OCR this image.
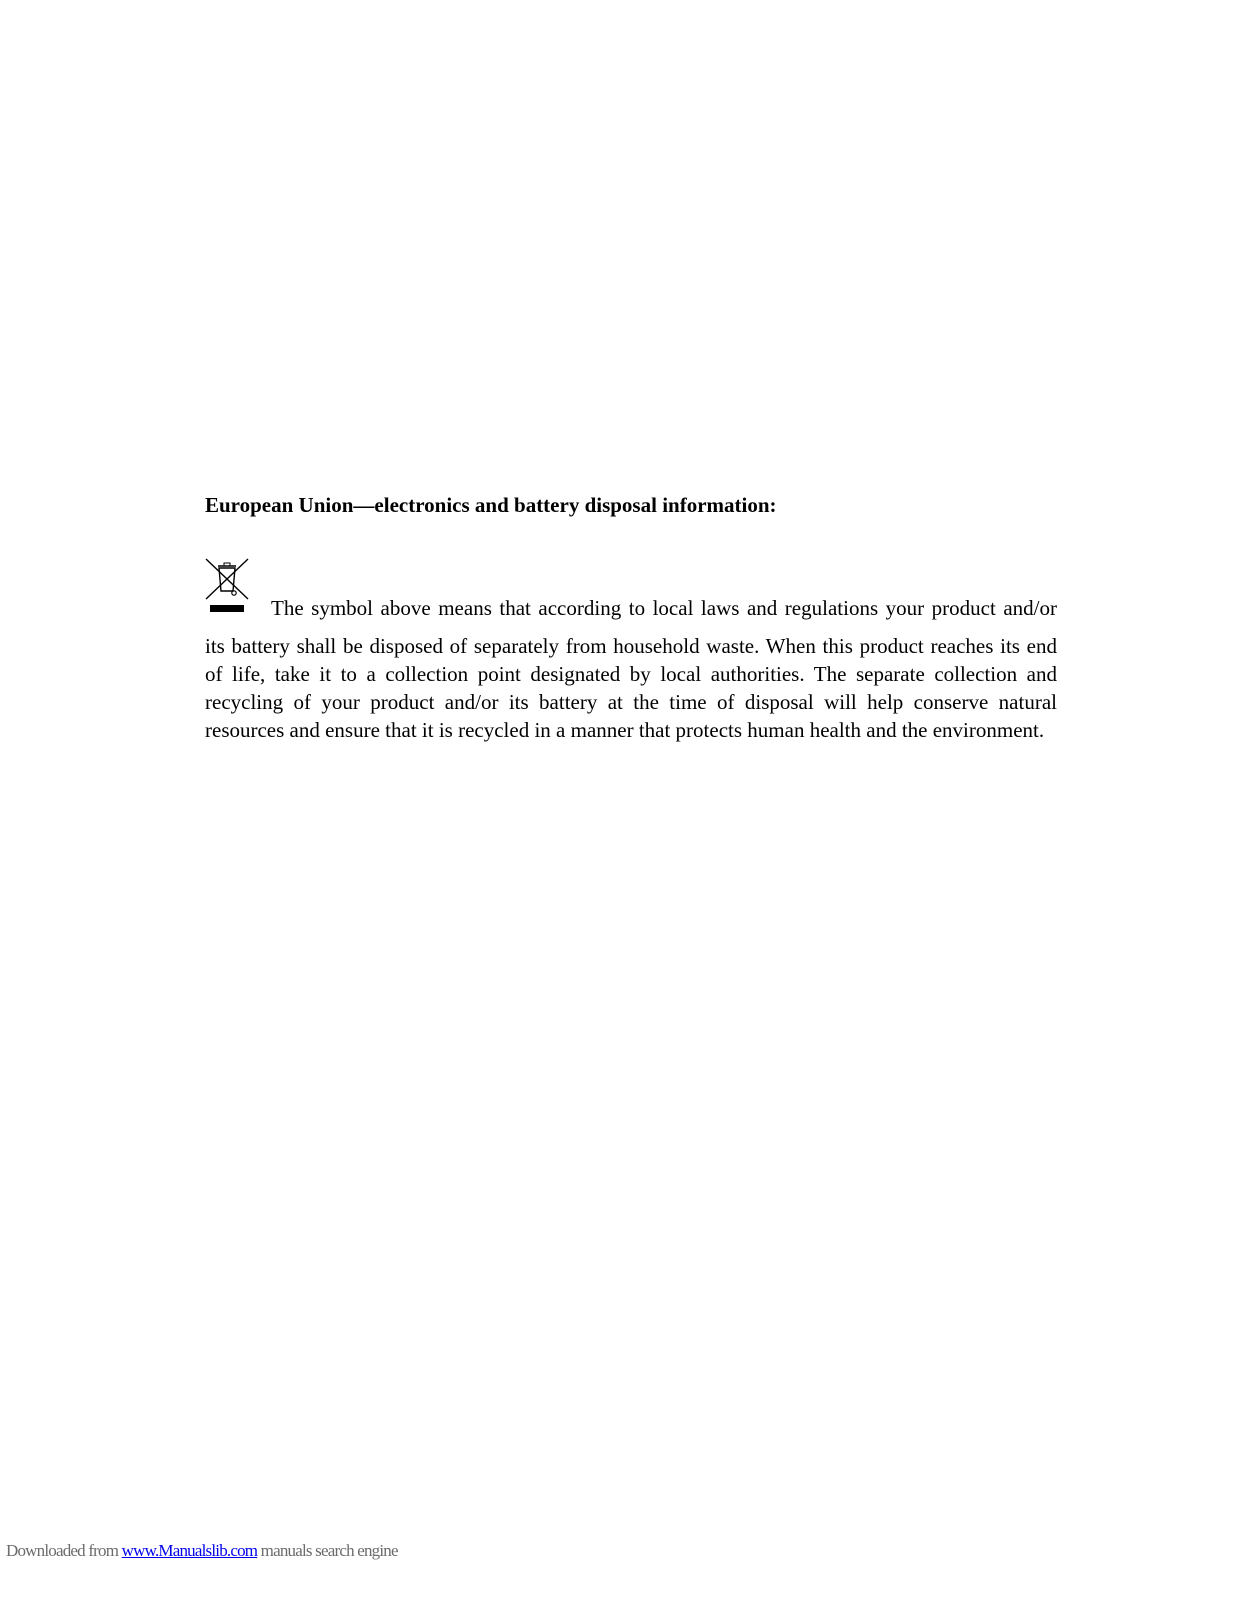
European Union—electronics and battery disposal information:

The symbol above means that according to local laws and regulations your product and/or

its battery shall be disposed of separately from household waste. When this product reaches its end of life, take it to a collection point designated by local authorities. The separate collection and recycling of your product and/or its battery at the time of disposal will help conserve natural resources and ensure that it is recycled in a manner that protects human health and the environment.

Downloaded from www.Manualslib.com manuals search engine
